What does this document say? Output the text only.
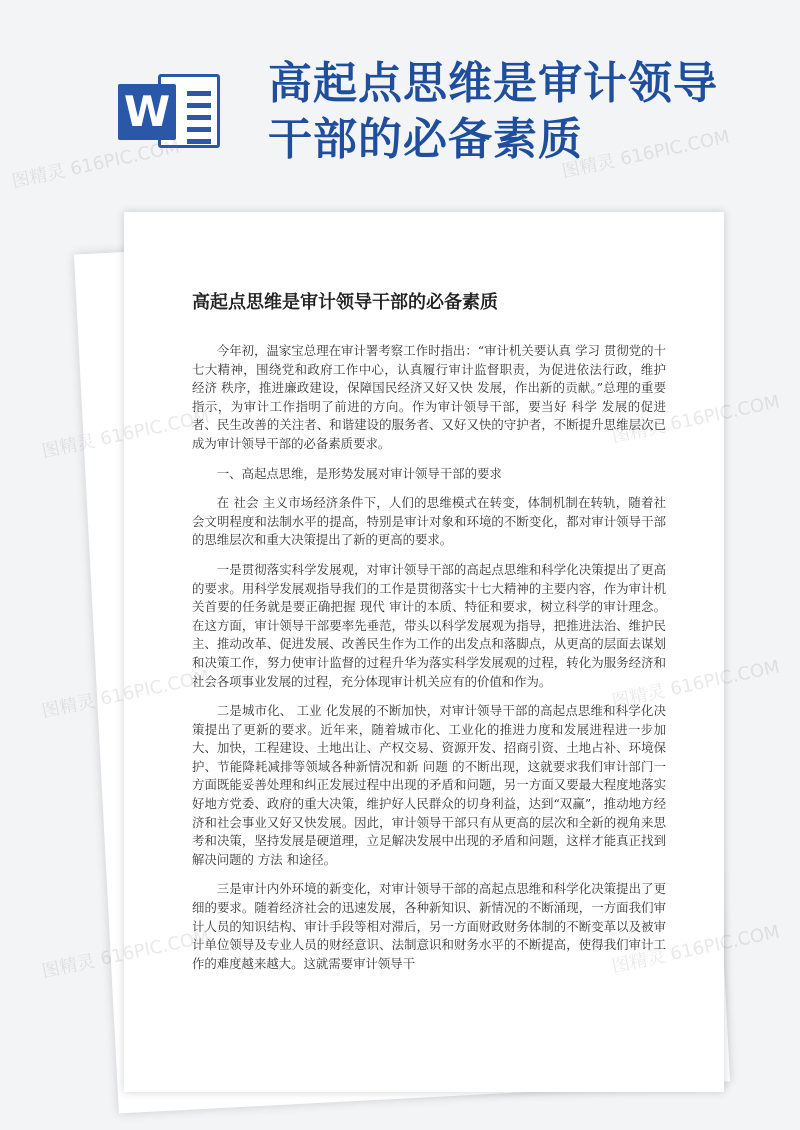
W
高起点思维是审计领导
干部的必备素质
高起点思维是审计领导干部的必备素质

今年初，温家宝总理在审计署考察工作时指出：“审计机关要认真 学习 贯彻党的十七大精神，围绕党和政府工作中心，认真履行审计监督职责，为促进依法行政，维护 经济 秩序，推进廉政建设，保障国民经济又好又快 发展，作出新的贡献。”总理的重要指示，为审计工作指明了前进的方向。作为审计领导干部，要当好 科学 发展的促进者、民生改善的关注者、和谐建设的服务者、又好又快的守护者，不断提升思维层次已成为审计领导干部的必备素质要求。

一、高起点思维，是形势发展对审计领导干部的要求

在 社会 主义市场经济条件下，人们的思维模式在转变，体制机制在转轨，随着社会文明程度和法制水平的提高，特别是审计对象和环境的不断变化，都对审计领导干部的思维层次和重大决策提出了新的更高的要求。

一是贯彻落实科学发展观，对审计领导干部的高起点思维和科学化决策提出了更高的要求。用科学发展观指导我们的工作是贯彻落实十七大精神的主要内容，作为审计机关首要的任务就是要正确把握 现代 审计的本质、特征和要求，树立科学的审计理念。在这方面，审计领导干部要率先垂范，带头以科学发展观为指导，把推进法治、维护民主、推动改革、促进发展、改善民生作为工作的出发点和落脚点，从更高的层面去谋划和决策工作，努力使审计监督的过程升华为落实科学发展观的过程，转化为服务经济和社会各项事业发展的过程，充分体现审计机关应有的价值和作为。

二是城市化、 工业 化发展的不断加快，对审计领导干部的高起点思维和科学化决策提出了更新的要求。近年来，随着城市化、工业化的推进力度和发展进程进一步加大、加快，工程建设、土地出让、产权交易、资源开发、招商引资、土地占补、环境保护、节能降耗减排等领域各种新情况和新 问题 的不断出现，这就要求我们审计部门一方面既能妥善处理和纠正发展过程中出现的矛盾和问题，另一方面又要最大程度地落实好地方党委、政府的重大决策，维护好人民群众的切身利益，达到“双赢”，推动地方经济和社会事业又好又快发展。因此，审计领导干部只有从更高的层次和全新的视角来思考和决策，坚持发展是硬道理，立足解决发展中出现的矛盾和问题，这样才能真正找到解决问题的 方法 和途径。

三是审计内外环境的新变化，对审计领导干部的高起点思维和科学化决策提出了更细的要求。随着经济社会的迅速发展，各种新知识、新情况的不断涌现，一方面我们审计人员的知识结构、审计手段等相对滞后，另一方面财政财务体制的不断变革以及被审计单位领导及专业人员的财经意识、法制意识和财务水平的不断提高，使得我们审计工作的难度越来越大。这就需要审计领导干

图精灵 616PIC.COM	图精灵 616PIC.COM
图精灵
616PIC.COM
图精灵
616PIC.COM
图精灵
616PIC.COM
